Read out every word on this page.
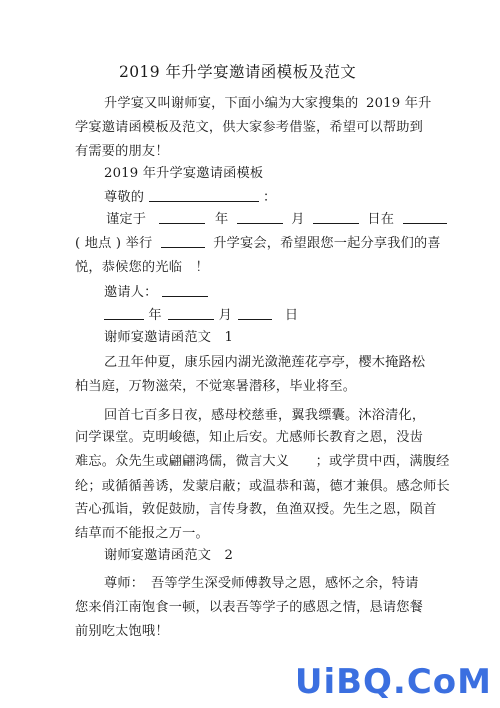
2019 年升学宴邀请函模板及范文
升学宴又叫谢师宴，下面小编为大家搜集的 2019 年升
学宴邀请函模板及范文，供大家参考借鉴，希望可以帮助到
有需要的朋友！
2019 年升学宴邀请函模板
尊敬的	：
谨定于	年	月	日在
( 地点 ) 举行	升学宴会，希望跟您一起分享我们的喜
悦，恭候您的光临　！
邀请人：
年	月	日
谢师宴邀请函范文　1
乙丑年仲夏，康乐园内湖光潋滟莲花亭亭，樱木掩路松
柏当庭，万物滋荣，不觉寒暑潜移，毕业将至。
回首七百多日夜，感母校慈垂，翼我缥囊。沐浴清化，
问学课堂。克明峻德，知止后安。尤感师长教育之恩，没齿
难忘。众先生或翩翩鸿儒，微言大义 ；或学贯中西，满腹经
纶；或循循善诱，发蒙启蔽；或温恭和蔼，德才兼俱。感念师长
苦心孤诣，敦促鼓励，言传身教，鱼渔双授。先生之恩，陨首
结草而不能报之万一。
谢师宴邀请函范文　2
尊师：　吾等学生深受师傅教导之恩，感怀之余，特请
您来俏江南饱食一顿，以表吾等学子的感恩之情，恳请您餐
前别吃太饱哦！
UiBQ.CoM
